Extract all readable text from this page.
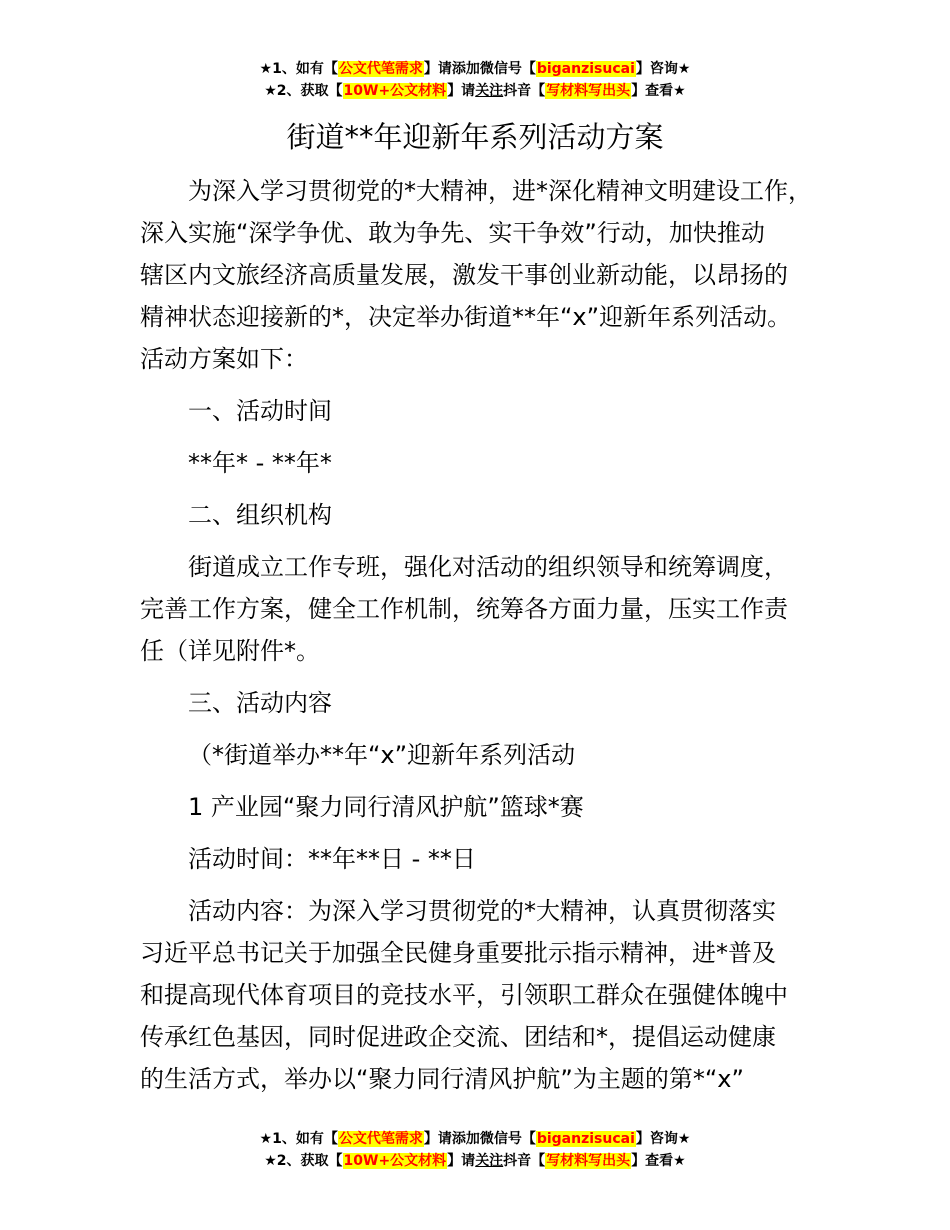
★1、如有【公文代笔需求】请添加微信号【biganzisucai】咨询★
★2、获取【10W+公文材料】请关注抖音【写材料写出头】查看★
街道**年迎新年系列活动方案

为深入学习贯彻党的*大精神，进*深化精神文明建设工作，

深入实施“深学争优、敢为争先、实干争效”行动，加快推动

辖区内文旅经济高质量发展，激发干事创业新动能，以昂扬的

精神状态迎接新的*，决定举办街道**年“x”迎新年系列活动。

活动方案如下：

一、活动时间

**年* - **年*

二、组织机构

街道成立工作专班，强化对活动的组织领导和统筹调度，

完善工作方案，健全工作机制，统筹各方面力量，压实工作责

任（详见附件*。

三、活动内容

（*街道举办**年“x”迎新年系列活动

1 产业园“聚力同行清风护航”篮球*赛

活动时间：**年**日 - **日

活动内容：为深入学习贯彻党的*大精神，认真贯彻落实

习近平总书记关于加强全民健身重要批示指示精神，进*普及

和提高现代体育项目的竞技水平，引领职工群众在强健体魄中

传承红色基因，同时促进政企交流、团结和*，提倡运动健康

的生活方式，举办以“聚力同行清风护航”为主题的第*“x”

★1、如有【公文代笔需求】请添加微信号【biganzisucai】咨询★
★2、获取【10W+公文材料】请关注抖音【写材料写出头】查看★
